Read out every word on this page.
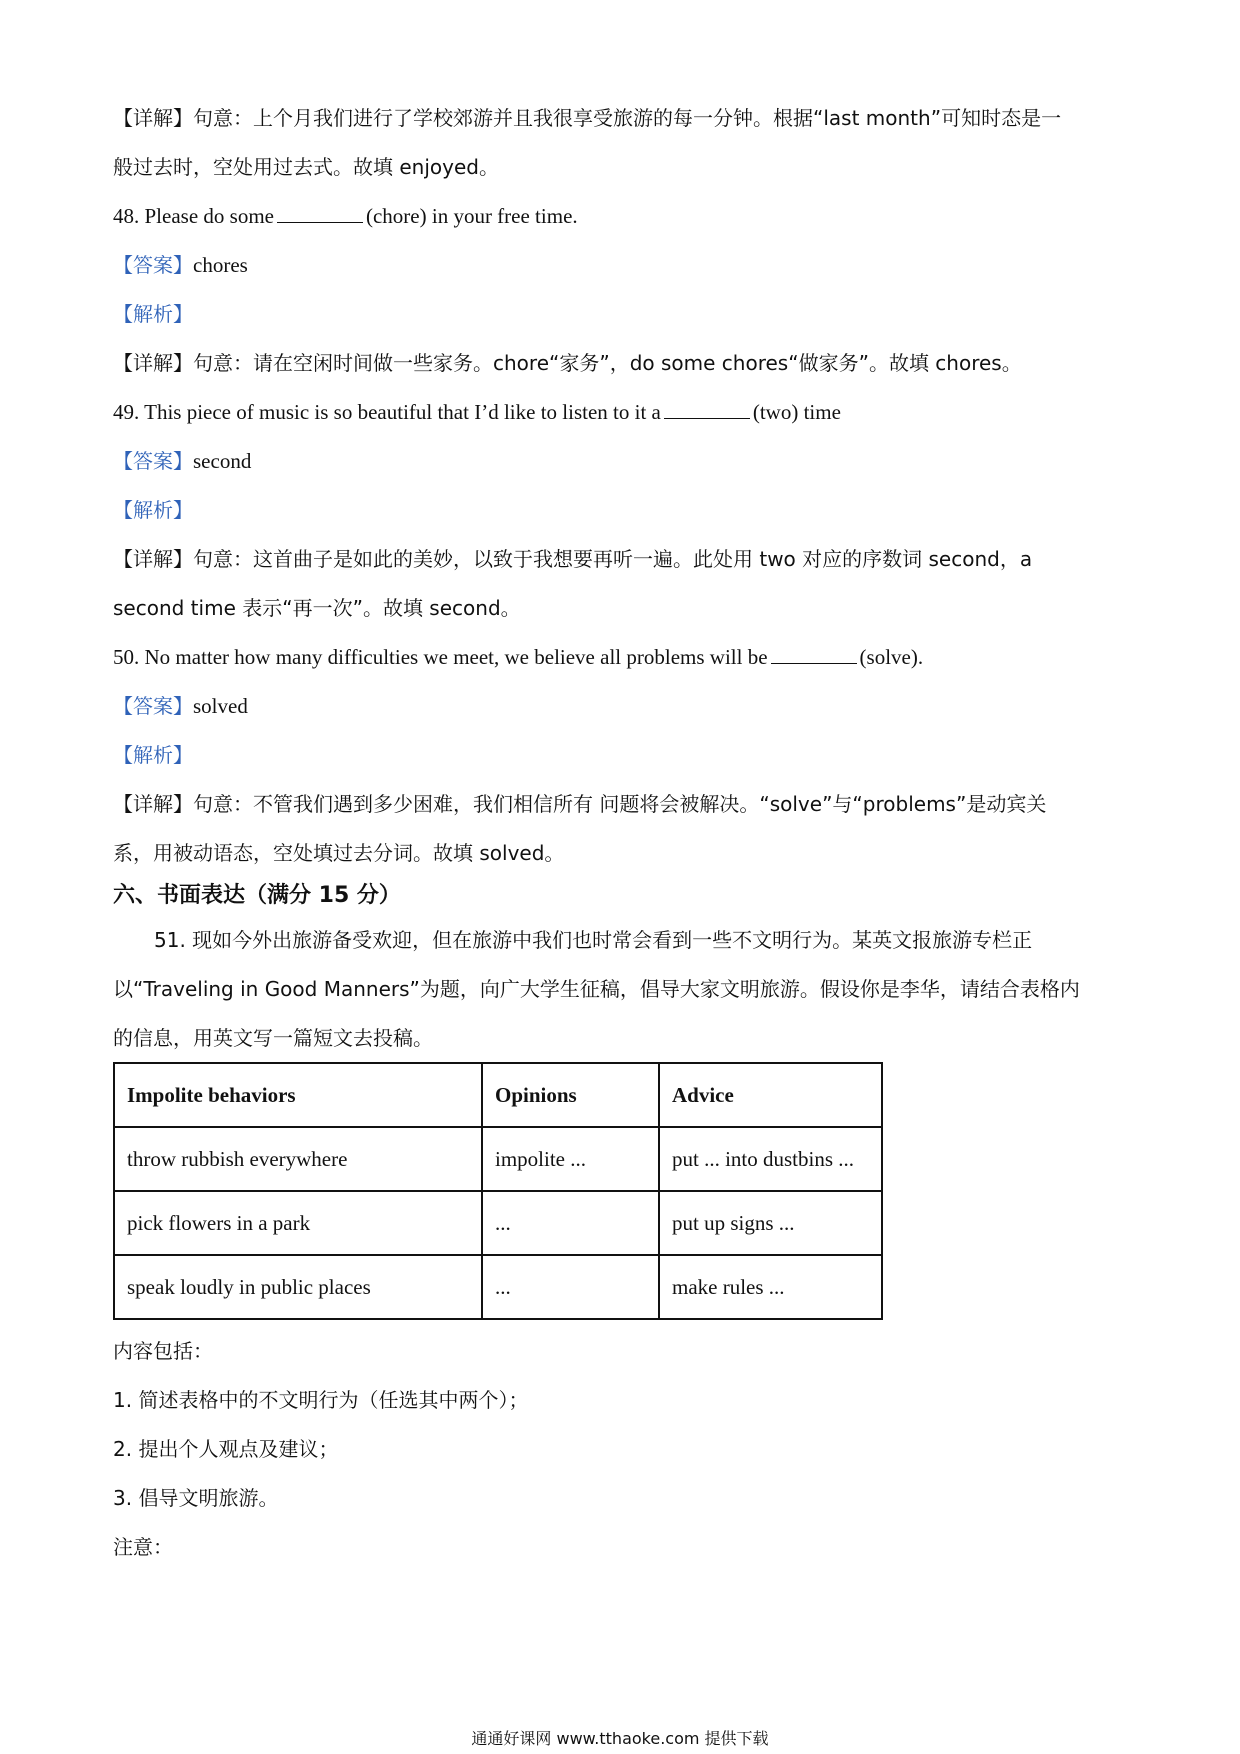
【详解】句意：上个月我们进行了学校郊游并且我很享受旅游的每一分钟。根据“last month”可知时态是一
般过去时，空处用过去式。故填 enjoyed。
48. Please do some	(chore) in your free time.
【答案】chores
【解析】
【详解】句意：请在空闲时间做一些家务。chore“家务”，do some chores“做家务”。故填 chores。
49. This piece of music is so beautiful that I’d like to listen to it a	(two) time
【答案】second
【解析】
【详解】句意：这首曲子是如此的美妙，以致于我想要再听一遍。此处用 two 对应的序数词 second，a
second time 表示“再一次”。故填 second。
50. No matter how many difficulties we meet, we believe all problems will be	(solve).
【答案】solved
【解析】
【详解】句意：不管我们遇到多少困难，我们相信所有 问题将会被解决。“solve”与“problems”是动宾关
系，用被动语态，空处填过去分词。故填 solved。
六、书面表达（满分 15 分）
51. 现如今外出旅游备受欢迎，但在旅游中我们也时常会看到一些不文明行为。某英文报旅游专栏正
以“Traveling in Good Manners”为题，向广大学生征稿，倡导大家文明旅游。假设你是李华，请结合表格内
的信息，用英文写一篇短文去投稿。
Impolite behaviors	Opinions	Advice
throw rubbish everywhere	impolite ...	put ... into dustbins ...
pick flowers in a park	...	put up signs ...
speak loudly in public places	...	make rules ...
内容包括：
1. 简述表格中的不文明行为（任选其中两个）；
2. 提出个人观点及建议；
3. 倡导文明旅游。
注意：
通通好课网 www.tthaoke.com 提供下载
